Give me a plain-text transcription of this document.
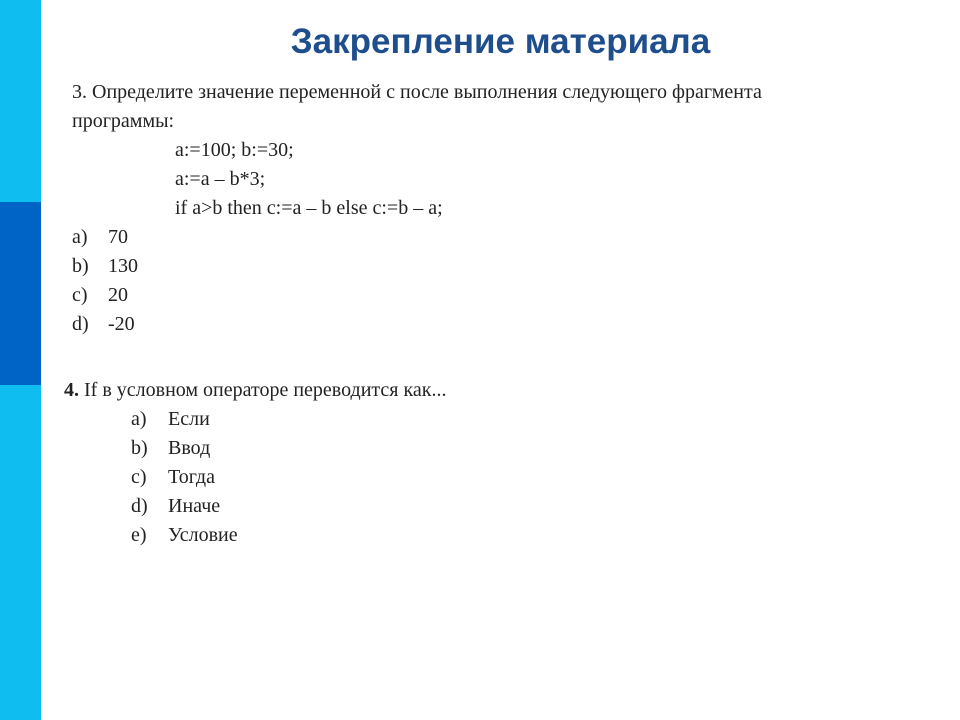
Закрепление материала
3. Определите значение переменной с после выполнения следующего фрагмента
программы:
a:=100; b:=30;
a:=a – b*3;
if a>b then c:=a – b else c:=b – a;
a) 70
b) 130
c) 20
d) -20
4. If в условном операторе переводится как...
a) Если
b) Ввод
c) Тогда
d) Иначе
e) Условие
